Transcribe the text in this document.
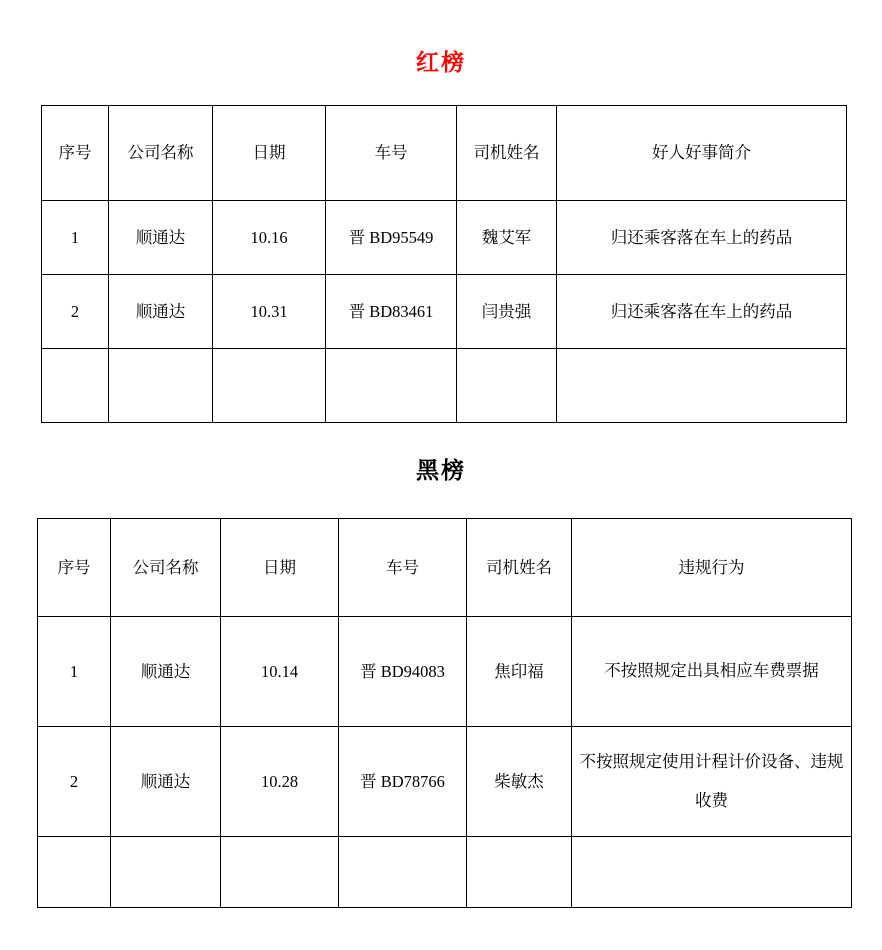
红榜
序号	公司名称	日期	车号	司机姓名	好人好事简介
1	顺通达	10.16	晋 BD95549	魏艾军	归还乘客落在车上的药品
2	顺通达	10.31	晋 BD83461	闫贵强	归还乘客落在车上的药品

黑榜
序号	公司名称	日期	车号	司机姓名	违规行为
1	顺通达	10.14	晋 BD94083	焦印福	不按照规定出具相应车费票据
2	顺通达	10.28	晋 BD78766	柴敏杰	不按照规定使用计程计价设备、违规收费
